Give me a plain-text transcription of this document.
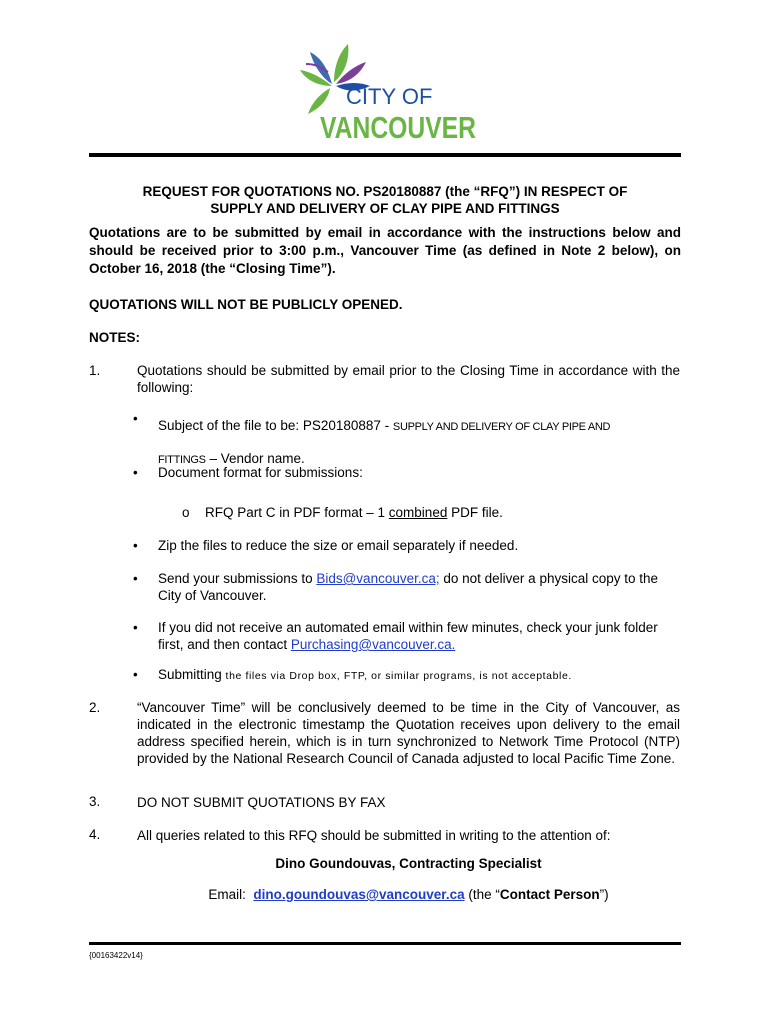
CITY OF
VANCOUVER
REQUEST FOR QUOTATIONS NO. PS20180887 (the “RFQ”) IN RESPECT OF
SUPPLY AND DELIVERY OF CLAY PIPE AND FITTINGS
Quotations are to be submitted by email in accordance with the instructions below and
should be received prior to 3:00 p.m., Vancouver Time (as defined in Note 2 below), on
October 16, 2018 (the “Closing Time”).
QUOTATIONS WILL NOT BE PUBLICLY OPENED.
NOTES:
1.	Quotations should be submitted by email prior to the Closing Time in accordance with the following:
• Subject of the file to be: PS20180887 - SUPPLY AND DELIVERY OF CLAY PIPE AND
FITTINGS – Vendor name.
• Document format for submissions:
o RFQ Part C in PDF format – 1 combined PDF file.
• Zip the files to reduce the size or email separately if needed.
• Send your submissions to Bids@vancouver.ca; do not deliver a physical copy to the City of Vancouver.
• If you did not receive an automated email within few minutes, check your junk folder first, and then contact Purchasing@vancouver.ca.
• Submitting the files via Drop box, FTP, or similar programs, is not acceptable.
2.	“Vancouver Time” will be conclusively deemed to be time in the City of Vancouver, as indicated in the electronic timestamp the Quotation receives upon delivery to the email address specified herein, which is in turn synchronized to Network Time Protocol (NTP) provided by the National Research Council of Canada adjusted to local Pacific Time Zone.
3.	DO NOT SUBMIT QUOTATIONS BY FAX
4.	All queries related to this RFQ should be submitted in writing to the attention of:
Dino Goundouvas, Contracting Specialist
Email: dino.goundouvas@vancouver.ca (the “Contact Person”)
{00163422v14}
